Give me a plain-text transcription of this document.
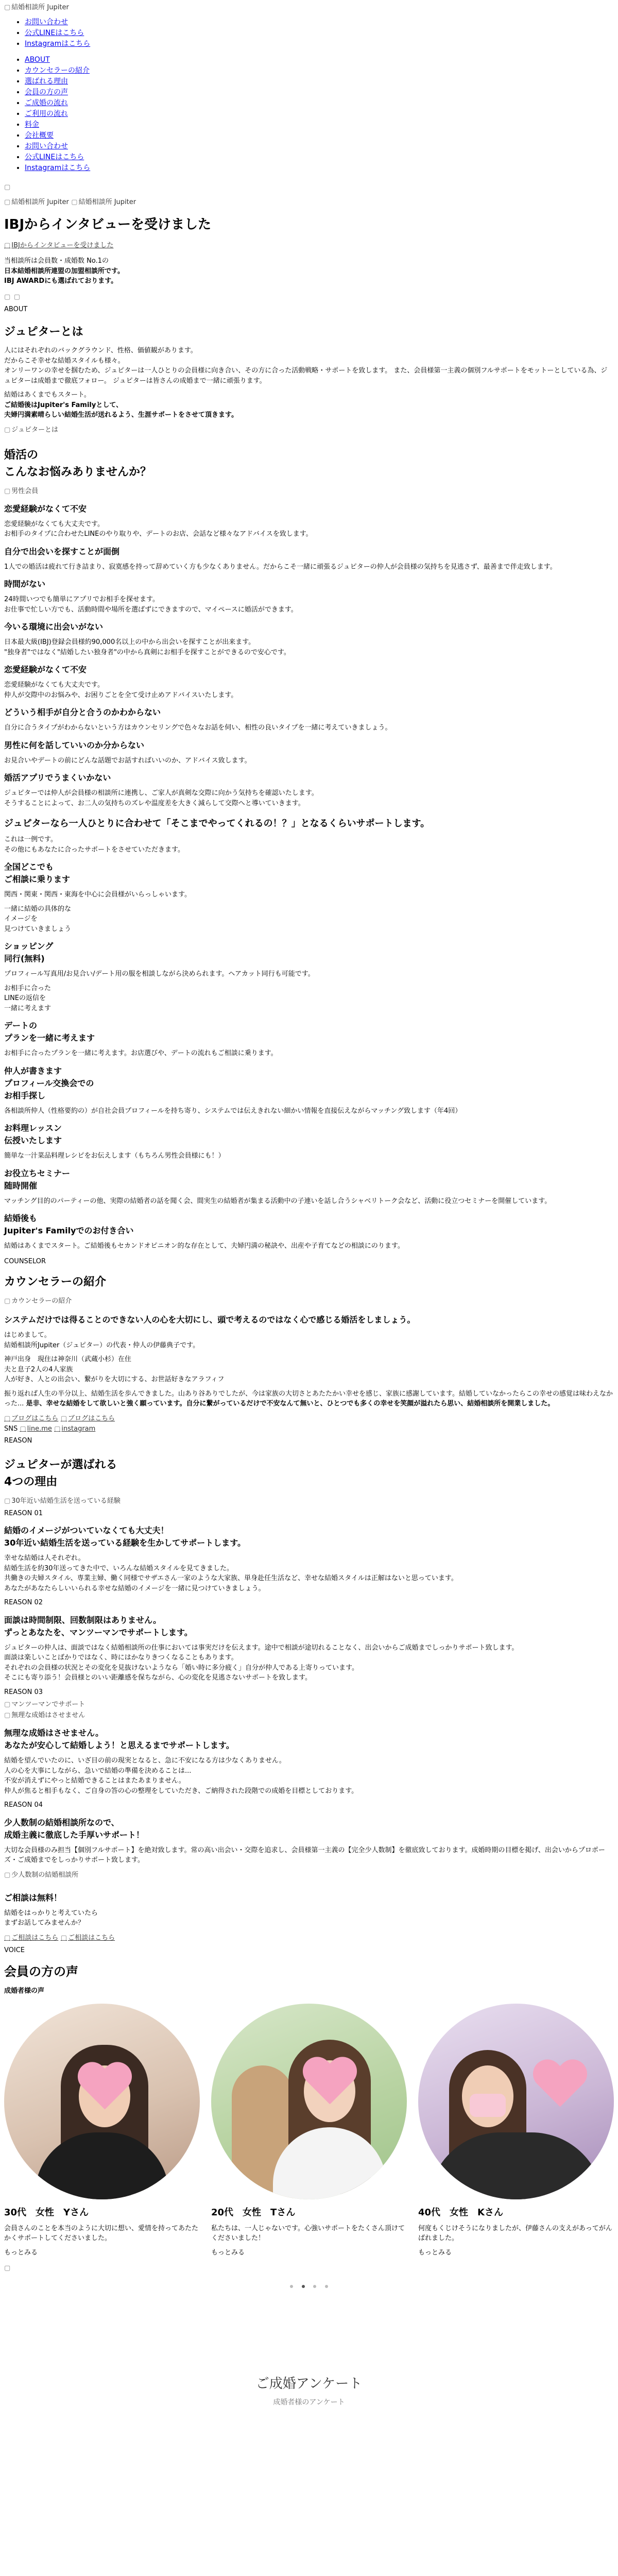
▢ 結婚相談所 Jupiter
• お問い合わせ
• 公式LINEはこちら
• Instagramはこちら
• ABOUT
• カウンセラーの紹介
• 選ばれる理由
• 会員の方の声
• ご成婚の流れ
• ご利用の流れ
• 料金
• 会社概要
• お問い合わせ
• 公式LINEはこちら
• Instagramはこちら
▢
▢ 結婚相談所 Jupiter ▢ 結婚相談所 Jupiter
IBJからインタビューを受けました
▢ IBJからインタビューを受けました

当相談所は会員数・成婚数 No.1の
日本結婚相談所連盟の加盟相談所です。
IBJ AWARDにも選ばれております。

▢ ▢
ABOUT
ジュピターとは

人にはそれぞれのバックグラウンド、性格、価値観があります。
だからこそ幸せな結婚スタイルも様々。
オンリーワンの幸せを掴むため、ジュピターは一人ひとりの会員様に向き合い、その方に合った活動戦略・サポートを致します。 また、会員様第一主義の個別フルサポートをモットーとしている為、ジュピターは成婚まで徹底フォロー。 ジュピターは皆さんの成婚まで一緒に頑張ります。

結婚はあくまでもスタート。
ご結婚後はJupiter's Familyとして、
夫婦円満素晴らしい結婚生活が送れるよう、生涯サポートをさせて頂きます。

▢ ジュピターとは
婚活の
こんなお悩みありませんか？
▢ 男性会員
恋愛経験がなくて不安

恋愛経験がなくても大丈夫です。
お相手のタイプに合わせたLINEのやり取りや、デートのお店、会話など様々なアドバイスを致します。

自分で出会いを探すことが面倒

1人での婚活は疲れて行き詰まり、寂寞感を持って辞めていく方も少なくありません。だからこそ一緒に頑張るジュピターの仲人が会員様の気持ちを見逃さず、最善まで伴走致します。

時間がない

24時間いつでも簡単にアプリでお相手を探せます。
お仕事で忙しい方でも、活動時間や場所を選ばずにできますので、マイペースに婚活ができます。

今いる環境に出会いがない

日本最大級(IBJ)登録会員様約90,000名以上の中から出会いを探すことが出来ます。
"独身者"ではなく"結婚したい独身者"の中から真剣にお相手を探すことができるので安心です。

恋愛経験がなくて不安

恋愛経験がなくても大丈夫です。
仲人が交際中のお悩みや、お困りごとを全て受け止めアドバイスいたします。

どういう相手が自分と合うのかわからない

自分に合うタイプがわからないという方はカウンセリングで色々なお話を伺い、相性の良いタイプを一緒に考えていきましょう。

男性に何を話していいのか分からない

お見合いやデートの前にどんな話題でお話すればいいのか、アドバイス致します。

婚活アプリでうまくいかない

ジュピターでは仲人が会員様の相談所に連携し、ご家人が真剣な交際に向かう気持ちを確認いたします。
そうすることによって、お二人の気持ちのズレや温度差を大きく減らして交際へと導いていきます。

ジュピターなら一人ひとりに合わせて「そこまでやってくれるの！？」となるくらいサポートします。

これは一例です。
その他にもあなたに合ったサポートをさせていただきます。

全国どこでも
ご相談に乗ります

関西・関東・関西・東海を中心に会員様がいらっしゃいます。

一緒に結婚の具体的な
イメージを
見つけていきましょう

ショッピング
同行(無料)

プロフィール写真用/お見合い/デート用の服を相談しながら決められます。ヘアカット同行も可能です。

お相手に合った
LINEの返信を
一緒に考えます

デートの
プランを一緒に考えます

お相手に合ったプランを一緒に考えます。お店選びや、デートの流れもご相談に乗ります。

仲人が書きます
プロフィール交換会での
お相手探し

各相談所仲人（性格要約の）が自社会員プロフィールを持ち寄り、システムでは伝えきれない細かい情報を直接伝えながらマッチング致します（年4回）

お料理レッスン
伝授いたします

簡単な一汁菜品料理レシピをお伝えします（もちろん男性会員様にも！）

お役立ちセミナー
随時開催

マッチング目的のパーティーの他、実際の結婚者の話を聞く会、間実生の結婚者が集まる活動中の子連いを話し合うシャベリトーク会など、活動に役立つセミナーを開催しています。

結婚後も
Jupiter's Familyでのお付き合い

結婚はあくまでスタート。ご結婚後もセカンドオピニオン的な存在として、夫婦円満の秘訣や、出産や子育てなどの相談にのります。

COUNSELOR
カウンセラーの紹介
▢ カウンセラーの紹介
システムだけでは得ることのできない人の心を大切にし、頭で考えるのではなく心で感じる婚活をしましょう。

はじめまして。
結婚相談所Jupiter（ジュピター）の代表・仲人の伊藤典子です。

神戸出身　現住は神奈川（武蔵小杉）在住
夫と息子2人の4人家族
人が好き、人との出会い、繋がりを大切にする、お世話好きなアラフィフ

振り返れば人生の半分以上、結婚生活を歩んできました。山あり谷ありでしたが、今は家族の大切さとあたたかい幸せを感じ、家族に感謝しています。結婚していなかったらこの幸せの感覚は味わえなかった... 是非、幸せな結婚をして欲しいと強く願っています。自分に繋がっているだけで不安なんて無いと、ひとつでも多くの幸せを笑顔が溢れたら思い、結婚相談所を開業しました。

▢ ブログはこちら ▢ ブログはこちら
SNS ▢ line.me ▢ instagram
REASON
ジュピターが選ばれる
4つの理由
▢ 30年近い結婚生活を送っている経験
REASON 01
結婚のイメージがついていなくても大丈夫！
30年近い結婚生活を送っている経験を生かしてサポートします。

幸せな結婚は人それぞれ。
結婚生活を約30年送ってきた中で、いろんな結婚スタイルを見てきました。
共働きの夫婦スタイル、専業主婦、働く同様でサザエさん一家のような大家族、単身赴任生活など、幸せな結婚スタイルは正解はないと思っています。
あなたがあなたらしいいられる幸せな結婚のイメージを一緒に見つけていきましょう。

REASON 02
面談は時間制限、回数制限はありません。
ずっとあなたを、マンツーマンでサポートします。

ジュピターの仲人は、面談ではなく結婚相談所の仕事においては事実だけを伝えます。途中で相談が途切れることなく、出会いからご成婚までしっかりサポート致します。
面談は楽しいことばかりではなく、時にはかなりきつくなることもあります。
それぞれの会員様の状況とその変化を見抜けないようなら「婚い時に多分疲く」自分が仲人である上寄りっています。
そこにも寄り添う！会員様とのいい距離感を保ちながら、心の変化を見逃さないサポートを致します。

REASON 03
▢ マンツーマンでサポート
▢ 無理な成婚はさせません
無理な成婚はさせません。
あなたが安心して結婚しよう！と思えるまでサポートします。

結婚を望んでいたのに、いざ目の前の現実となると、急に不安になる方は少なくありません。
人の心を大事にしながら、急いで結婚の準備を決めることは...
不安が消えずにやっと結婚できることはまたあまりません。
仲人が焦ると相手もなく、ご自身の答の心の整理をしていただき、ご納得された段階での成婚を目標としております。

REASON 04
少人数制の結婚相談所なので、
成婚主義に徹底した手厚いサポート！

大切な会員様のみ担当【個別フルサポート】を絶対致します。常の高い出会い・交際を追求し、会員様第一主義の【完全少人数制】を徹底致しております。成婚時期の目標を掲げ、出会いからプロポーズ・ご成婚までをしっかりサポート致します。

▢ 少人数制の結婚相談所
ご相談は無料！

結婚をはっかりと考えていたら
まずお話してみませんか？

▢ ご相談はこちら ▢ ご相談はこちら
VOICE
会員の方の声
成婚者様の声
30代　女性　Yさん

会員さんのことを本当のように大切に想い、愛情を持ってあたたかくサポートしてくださいました。

もっとみる
20代　女性　Tさん

私たちは、一人じゃないです。心強いサポートをたくさん頂けてくださいました！

もっとみる
40代　女性　Kさん

何度もくじけそうになりましたが、伊藤さんの支えがあってがんばれました。

もっとみる
▢

ご成婚アンケート
成婚者様のアンケート
